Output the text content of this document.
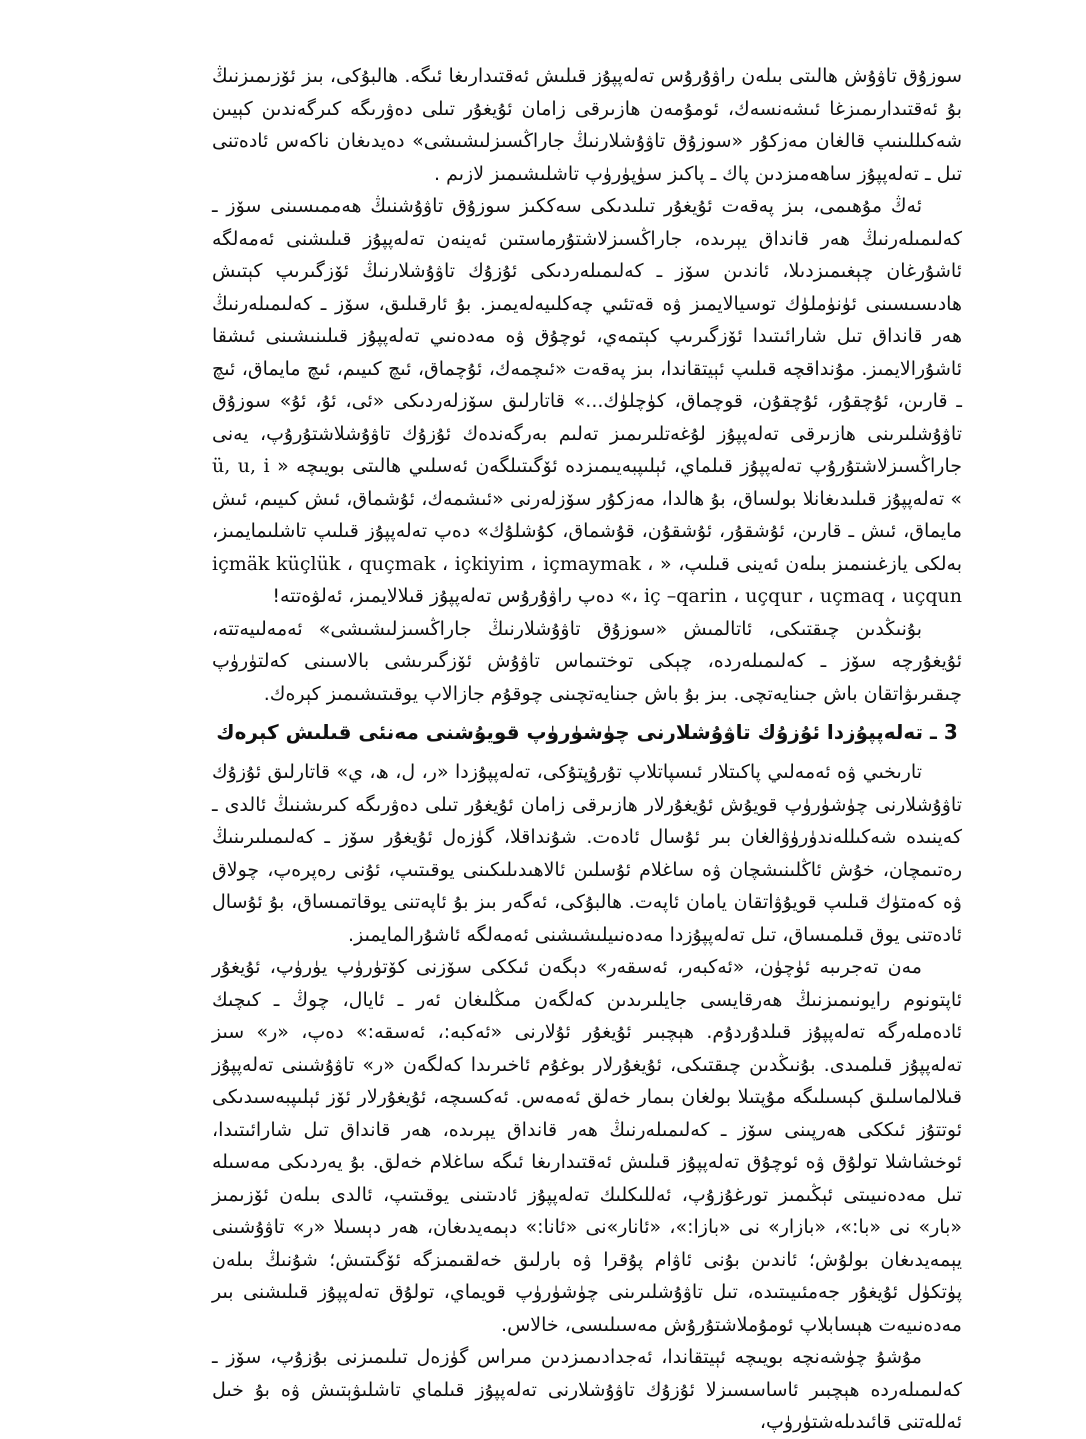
سوزۇق تاۋۇش ھالىتى بىلەن راۋۇرۇس تەلەپپۇز قىلىش ئەقتىدارىغا ئىگە. ھالبۇكى، بىز ئۆزىمىزنىڭ بۇ ئەقتىدارىمىزغا ئىشەنسەك، ئومۇمەن ھازىرقى زامان ئۇيغۇر تىلى دەۋرىگە كىرگەندىن كېيىن شەكىللىنىپ قالغان مەزكۇر «سوزۇق تاۋۇشلارنىڭ جاراڭسىزلىشىشى» دەيدىغان ناكەس ئادەتنى تىل ـ تەلەپپۇز ساھەمىزدىن پاك ـ پاكىز سۈپۈرۈپ تاشلىشىمىز لازىم .

ئەڭ مۇھىمى، بىز پەقەت ئۇيغۇر تىلىدىكى سەككىز سوزۇق تاۋۇشنىڭ ھەممىسىنى سۆز ـ كەلىمىلەرنىڭ ھەر قانداق يېرىدە، جاراڭسىزلاشتۇرماستىن ئەينەن تەلەپپۇز قىلىشنى ئەمەلگە ئاشۇرغان چېغىمىزدىلا، ئاندىن سۆز ـ كەلىمىلەردىكى ئۇزۇك تاۋۇشلارنىڭ ئۆزگىرىپ كېتىش ھادىسىسىنى ئۈنۈملۈك توسيالايمىز ۋە قەتئىي چەكلىيەلەيمىز. بۇ ئارقىلىق، سۆز ـ كەلىمىلەرنىڭ ھەر قانداق تىل شارائىتىدا ئۆزگىرىپ كېتمەي، ئوچۇق ۋە مەدەنىي تەلەپپۇز قىلىنىشىنى ئىشقا ئاشۇرالايمىز. مۇنداقچە قىلىپ ئېيتقاندا، بىز پەقەت «ئىچمەك، ئۇچماق، ئىچ كىيىم، ئىچ مايماق، ئىچ ـ قارىن، ئۇچقۇر، ئۇچقۇن، قوچماق، كۈچلۈك...» قاتارلىق سۆزلەردىكى «ئى، ئۇ، ئۇ» سوزۇق تاۋۇشلىرىنى ھازىرقى تەلەپپۇز لۇغەتلىرىمىز تەلىم بەرگەندەك ئۇزۇك تاۋۇشلاشتۇرۇپ، يەنى جاراڭسىزلاشتۇرۇپ تەلەپپۇز قىلماي، ئېلىپبەيىمىزدە ئۆگىتىلگەن ئەسلىي ھالىتى بويىچە « ü, u, i » تەلەپپۇز قىلىدىغانلا بولساق، بۇ ھالدا، مەزكۇر سۆزلەرنى «ئىشمەك، ئۇشماق، ئىش كىيىم، ئىش مايماق، ئىش ـ قارىن، ئۇشقۇر، ئۇشقۇن، قۇشماق، كۇشلۇك» دەپ تەلەپپۇز قىلىپ تاشلىمايمىز، بەلكى يازغىنىمىز بىلەن ئەينى قىلىپ، « içmäk küçlük ، quçmak ، içkiyim ، içmaymak ، iç –qarin ، uçqur ، uçmaq ، uçqun ،» دەپ راۋۇرۇس تەلەپپۇز قىلالايمىز، ئەلۋەتتە!

بۇنىڭدىن چىقتىكى، ئاتالمىش «سوزۇق تاۋۇشلارنىڭ جاراڭسىزلىشىشى» ئەمەلىيەتتە، ئۇيغۇرچە سۆز ـ كەلىمىلەردە، چېكى توختىماس تاۋۇش ئۆزگىرىشى بالاسىنى كەلتۈرۈپ چىقىرىۋاتقان باش جىنايەتچى. بىز بۇ باش جىنايەتچىنى چوقۇم جازالاپ يوقىتىشىمىز كېرەك.

3 ـ تەلەپپۇزدا ئۇزۇك تاۋۇشلارنى چۈشۈرۈپ قويۇشنى مەنئى قىلىش كېرەك

تارىخىي ۋە ئەمەلىي پاكىتلار ئىسپاتلاپ تۇرۇپتۇكى، تەلەپپۇزدا «ر، ل، ھ، ي» قاتارلىق ئۇزۇك تاۋۇشلارنى چۈشۈرۈپ قويۇش ئۇيغۇرلار ھازىرقى زامان ئۇيغۇر تىلى دەۋرىگە كىرىشنىڭ ئالدى ـ كەينىدە شەكىللەندۈرۈۋالغان بىر ئۇسال ئادەت. شۇنداقلا، گۈزەل ئۇيغۇر سۆز ـ كەلىمىلىرىنىڭ رەتىمچان، خۇش ئاڭلىنىشچان ۋە ساغلام ئۇسلىن ئالاھىدىلىكىنى يوقىتىپ، ئۇنى رەپرەپ، چولاق ۋە كەمتۈك قىلىپ قويۇۋاتقان يامان ئاپەت. ھالبۇكى، ئەگەر بىز بۇ ئاپەتنى يوقاتمىساق، بۇ ئۇسال ئادەتنى يوق قىلمىساق، تىل تەلەپپۇزدا مەدەنىيلىشىشنى ئەمەلگە ئاشۇرالمايمىز.

مەن تەجرىبە ئۈچۈن، «ئەكبەر، ئەسقەر» دېگەن ئىككى سۆزنى كۆتۈرۈپ يۈرۈپ، ئۇيغۇر ئاپتونوم رايونىمىزنىڭ ھەرقايسى جايلىرىدىن كەلگەن مىڭلىغان ئەر ـ ئايال، چوڭ ـ كىچىك ئادەملەرگە تەلەپپۇز قىلدۇردۇم. ھېچبىر ئۇيغۇر ئۇلارنى «ئەكبە:، ئەسقە:» دەپ، «ر» سىز تەلەپپۇز قىلمىدى. بۇنىڭدىن چىقتىكى، ئۇيغۇرلار بوغۇم ئاخىرىدا كەلگەن «ر» تاۋۇشىنى تەلەپپۇز قىلالماسلىق كېسىلىگە مۇپتىلا بولغان بىمار خەلق ئەمەس. ئەكسىچە، ئۇيغۇرلار ئۆز ئېلىپبەسىدىكى ئوتتۇز ئىككى ھەرپىنى سۆز ـ كەلىمىلەرنىڭ ھەر قانداق يېرىدە، ھەر قانداق تىل شارائىتىدا، ئوخشاشلا تولۇق ۋە ئوچۇق تەلەپپۇز قىلىش ئەقتىدارىغا ئىگە ساغلام خەلق. بۇ يەردىكى مەسىلە تىل مەدەنىيىتى ئېڭىمىز تورغۇزۇپ، ئەللىكلىك تەلەپپۇز ئادىتىنى يوقىتىپ، ئالدى بىلەن ئۆزىمىز «بار» نى «با:»، «بازار» نى «بازا:»، «ئانار»نى «ئانا:» دېمەيدىغان، ھەر دېسىلا «ر» تاۋۇشىنى يېمەيدىغان بولۇش؛ ئاندىن بۇنى ئاۋام پۇقرا ۋە بارلىق خەلقىمىزگە ئۆگىتىش؛ شۇنىڭ بىلەن پۈتكۈل ئۇيغۇر جەمئىيىتىدە، تىل تاۋۇشلىرىنى چۈشۈرۈپ قويماي، تولۇق تەلەپپۇز قىلىشنى بىر مەدەنىيەت ھېسابلاپ ئومۇملاشتۇرۇش مەسىلىسى، خالاس.

مۇشۇ چۈشەنچە بويىچە ئېيتقاندا، ئەجدادىمىزدىن مىراس گۈزەل تىلىمىزنى بۇزۇپ، سۆز ـ كەلىمىلەردە ھېچبىر ئاساسسىزلا ئۇزۇك تاۋۇشلارنى تەلەپپۇز قىلماي تاشلىۋېتىش ۋە بۇ خىل ئەللەتنى قائىدىلەشتۈرۈپ،
